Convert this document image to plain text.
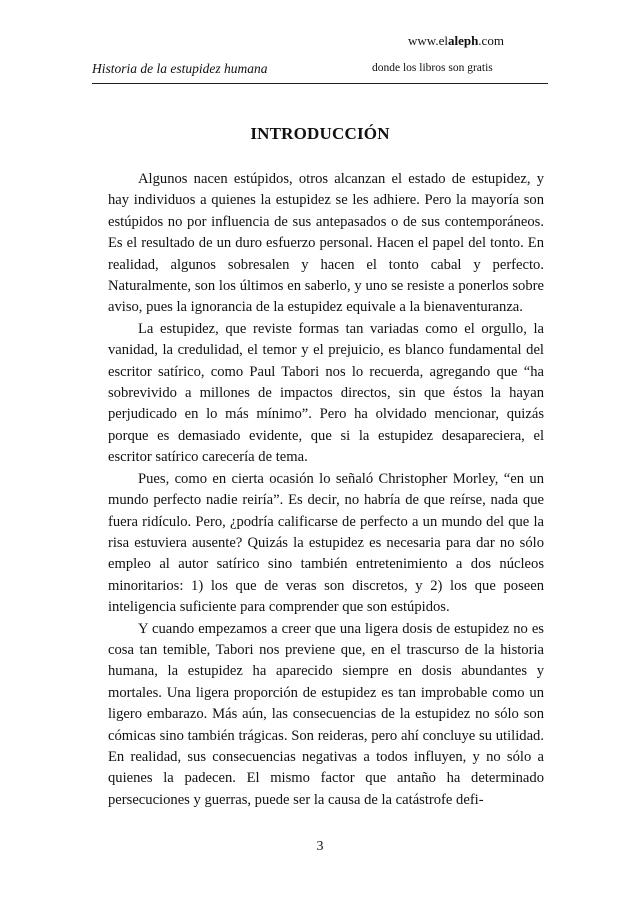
www.elaleph.com
Historia de la estupidez humana	donde los libros son gratis
INTRODUCCIÓN

Algunos nacen estúpidos, otros alcanzan el estado de estupidez, y hay individuos a quienes la estupidez se les adhiere. Pero la mayoría son estúpidos no por influencia de sus antepasados o de sus contemporáneos. Es el resultado de un duro esfuerzo personal. Hacen el papel del tonto. En realidad, algunos sobresalen y hacen el tonto cabal y perfecto. Naturalmente, son los últimos en saberlo, y uno se resiste a ponerlos sobre aviso, pues la ignorancia de la estupidez equivale a la bienaventuranza.

La estupidez, que reviste formas tan variadas como el orgullo, la vanidad, la credulidad, el temor y el prejuicio, es blanco fundamental del escritor satírico, como Paul Tabori nos lo recuerda, agregando que “ha sobrevivido a millones de impactos directos, sin que éstos la hayan perjudicado en lo más mínimo”. Pero ha olvidado mencionar, quizás porque es demasiado evidente, que si la estupidez desapareciera, el escritor satírico carecería de tema.

Pues, como en cierta ocasión lo señaló Christopher Morley, “en un mundo perfecto nadie reiría”. Es decir, no habría de que reírse, nada que fuera ridículo. Pero, ¿podría calificarse de perfecto a un mundo del que la risa estuviera ausente? Quizás la estupidez es necesaria para dar no sólo empleo al autor satírico sino también entretenimiento a dos núcleos minoritarios: 1) los que de veras son discretos, y 2) los que poseen inteligencia suficiente para comprender que son estúpidos.

Y cuando empezamos a creer que una ligera dosis de estupidez no es cosa tan temible, Tabori nos previene que, en el trascurso de la historia humana, la estupidez ha aparecido siempre en dosis abundantes y mortales. Una ligera proporción de estupidez es tan improbable como un ligero embarazo. Más aún, las consecuencias de la estupidez no sólo son cómicas sino también trágicas. Son reideras, pero ahí concluye su utilidad. En realidad, sus consecuencias negativas a todos influyen, y no sólo a quienes la padecen. El mismo factor que antaño ha determinado persecuciones y guerras, puede ser la causa de la catástrofe defi-

3
